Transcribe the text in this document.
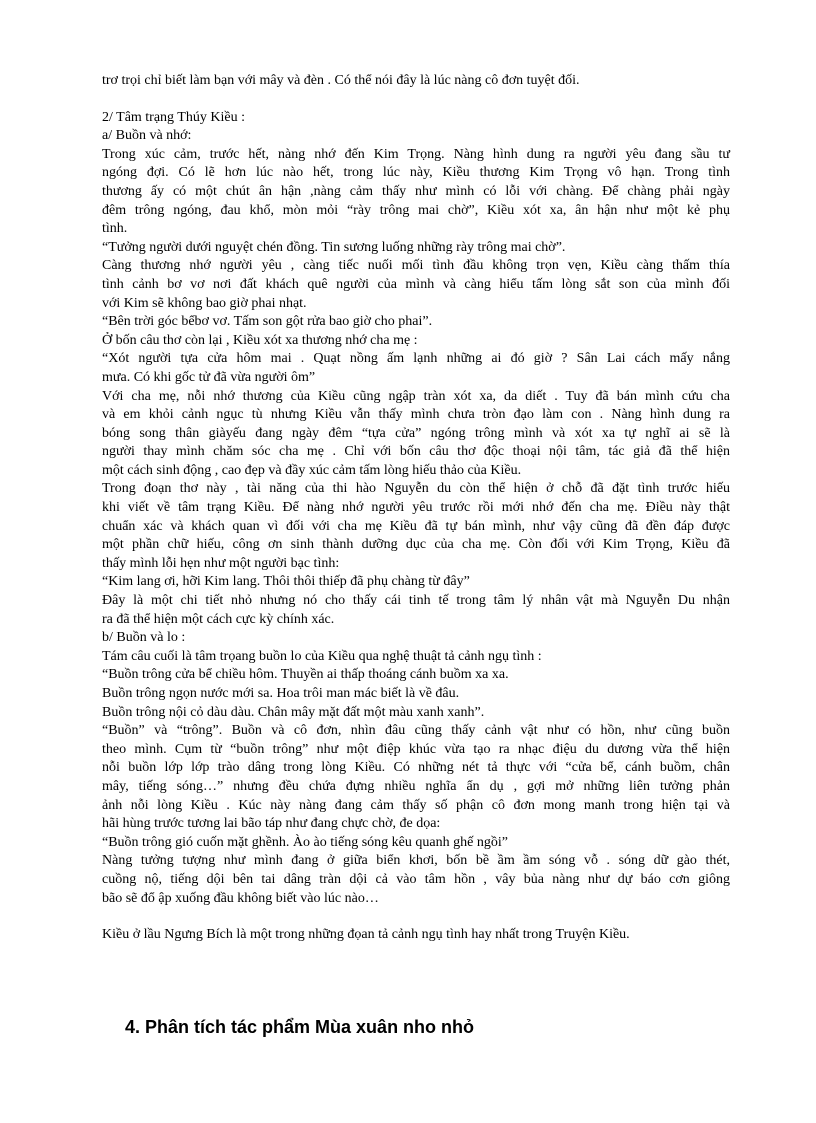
trơ trọi chỉ biết làm bạn với mây và đèn . Có thể nói đây là lúc nàng cô đơn tuyệt đối.
2/ Tâm trạng Thúy Kiều :
a/ Buồn và nhớ:
Trong xúc cảm, trước hết, nàng nhớ đến Kim Trọng. Nàng hình dung ra người yêu đang sầu tư
ngóng đợi. Có lẽ hơn lúc nào hết, trong lúc này, Kiều thương Kim Trọng vô hạn. Trong tình
thương ấy có một chút ân hận ,nàng cảm thấy như mình có lỗi với chàng. Để chàng phải ngày
đêm trông ngóng, đau khổ, mòn mỏi “rày trông mai chờ”, Kiều xót xa, ân hận như một kẻ phụ
tình.
“Tưởng người dưới nguyệt chén đồng. Tin sương luống những rày trông mai chờ”.
Càng thương nhớ người yêu , càng tiếc nuối mối tình đầu không trọn vẹn, Kiều càng thấm thía
tình cảnh bơ vơ nơi đất khách quê người của mình và càng hiểu tấm lòng sắt son của mình đối
với Kim sẽ không bao giờ phai nhạt.
“Bên trời góc bểbơ vơ. Tấm son gột rửa bao giờ cho phai”.
Ở bốn câu thơ còn lại , Kiều xót xa thương nhớ cha mẹ :
“Xót người tựa cửa hôm mai . Quạt nồng ấm lạnh những ai đó giờ ? Sân Lai cách mấy nắng
mưa. Có khi gốc tử đã vừa người ôm”
Với cha mẹ, nỗi nhớ thương của Kiều cũng ngập tràn xót xa, da diết . Tuy đã bán mình cứu cha
và em khỏi cảnh ngục tù nhưng Kiều vẫn thấy mình chưa tròn đạo làm con . Nàng hình dung ra
bóng song thân giàyếu đang ngày đêm “tựa cửa” ngóng trông mình và xót xa tự nghĩ ai sẽ là
người thay mình chăm sóc cha mẹ . Chỉ với bốn câu thơ độc thoại nội tâm, tác giả đã thể hiện
một cách sinh động , cao đẹp và đầy xúc cảm tấm lòng hiếu thảo của Kiều.
Trong đoạn thơ này , tài năng của thi hào Nguyễn du còn thể hiện ở chỗ đã đặt tình trước hiếu
khi viết về tâm trạng Kiều. Để nàng nhớ người yêu trước rồi mới nhớ đến cha mẹ. Điều này thật
chuẩn xác và khách quan vì đối với cha mẹ Kiều đã tự bán mình, như vậy cũng đã đền đáp được
một phần chữ hiếu, công ơn sinh thành dưỡng dục của cha mẹ. Còn đối với Kim Trọng, Kiều đã
thấy mình lỗi hẹn như một người bạc tình:
“Kim lang ơi, hỡi Kim lang. Thôi thôi thiếp đã phụ chàng từ đây”
Đây là một chi tiết nhỏ nhưng nó cho thấy cái tinh tế trong tâm lý nhân vật mà Nguyễn Du nhận
ra đã thể hiện một cách cực kỳ chính xác.
b/ Buồn và lo :
Tám câu cuối là tâm trọang buồn lo của Kiều qua nghệ thuật tả cảnh ngụ tình :
“Buồn trông cửa bể chiều hôm. Thuyền ai thấp thoáng cánh buồm xa xa.
Buồn trông ngọn nước mới sa. Hoa trôi man mác biết là về đâu.
Buồn trông nội cỏ dàu dàu. Chân mây mặt đất một màu xanh xanh”.
“Buồn” và “trông”. Buồn và cô đơn, nhìn đâu cũng thấy cảnh vật như có hồn, như cũng buồn
theo mình. Cụm từ “buồn trông” như một điệp khúc vừa tạo ra nhạc điệu du dương vừa thể hiện
nỗi buồn lớp lớp trào dâng trong lòng Kiều. Có những nét tả thực với “cửa bể, cánh buồm, chân
mây, tiếng sóng…” nhưng đều chứa đựng nhiều nghĩa ẩn dụ , gợi mở những liên tưởng phản
ảnh nỗi lòng Kiều . Kúc này nàng đang cảm thấy số phận cô đơn mong manh trong hiện tại và
hãi hùng trước tương lai bão táp như đang chực chờ, đe dọa:
“Buồn trông gió cuốn mặt ghềnh. Ào ào tiếng sóng kêu quanh ghế ngồi”
Nàng tưởng tượng như mình đang ở giữa biển khơi, bốn bề ầm ầm sóng vỗ . sóng dữ gào thét,
cuồng nộ, tiếng dội bên tai dâng tràn dội cả vào tâm hồn , vây bủa nàng như dự báo cơn giông
bão sẽ đổ ập xuống đầu không biết vào lúc nào…
Kiều ở lầu Ngưng Bích là một trong những đọan tả cảnh ngụ tình hay nhất trong Truyện Kiều.
4. Phân tích tác phẩm Mùa xuân nho nhỏ
